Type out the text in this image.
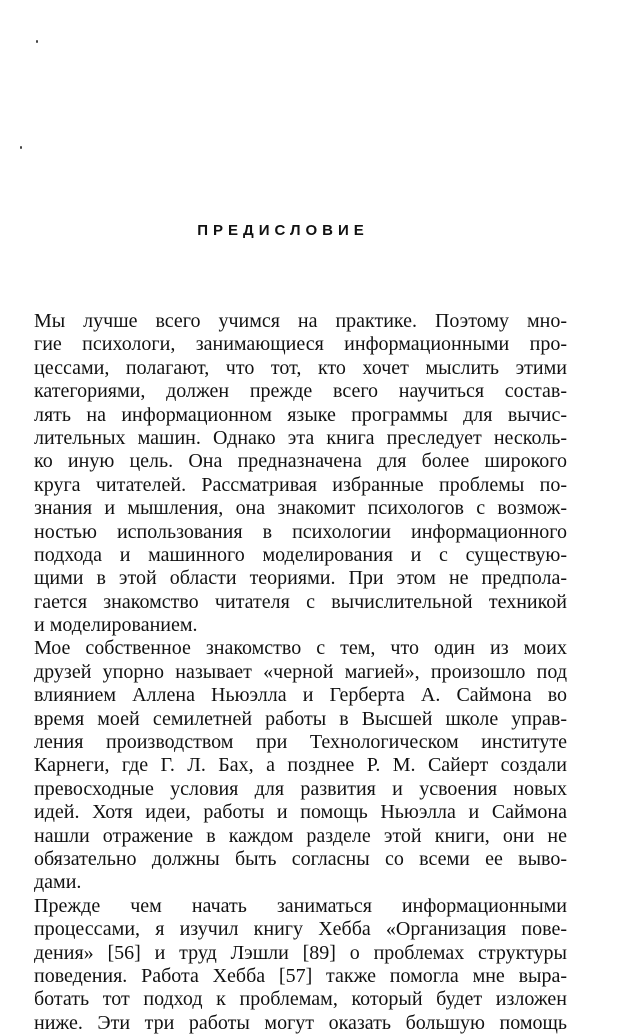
ПРЕДИСЛОВИЕ
Мы лучше всего учимся на практике. Поэтому мно-
гие психологи, занимающиеся информационными про-
цессами, полагают, что тот, кто хочет мыслить этими
категориями, должен прежде всего научиться состав-
лять на информационном языке программы для вычис-
лительных машин. Однако эта книга преследует несколь-
ко иную цель. Она предназначена для более широкого
круга читателей. Рассматривая избранные проблемы по-
знания и мышления, она знакомит психологов с возмож-
ностью использования в психологии информационного
подхода и машинного моделирования и с существую-
щими в этой области теориями. При этом не предпола-
гается знакомство читателя с вычислительной техникой
и моделированием.
Мое собственное знакомство с тем, что один из моих
друзей упорно называет «черной магией», произошло под
влиянием Аллена Ньюэлла и Герберта А. Саймона во
время моей семилетней работы в Высшей школе управ-
ления производством при Технологическом институте
Карнеги, где Г. Л. Бах, а позднее Р. М. Сайерт создали
превосходные условия для развития и усвоения новых
идей. Хотя идеи, работы и помощь Ньюэлла и Саймона
нашли отражение в каждом разделе этой книги, они не
обязательно должны быть согласны со всеми ее выво-
дами.
Прежде чем начать заниматься информационными
процессами, я изучил книгу Хебба «Организация пове-
дения» [56] и труд Лэшли [89] о проблемах структуры
поведения. Работа Хебба [57] также помогла мне выра-
ботать тот подход к проблемам, который будет изложен
ниже. Эти три работы могут оказать большую помощь
